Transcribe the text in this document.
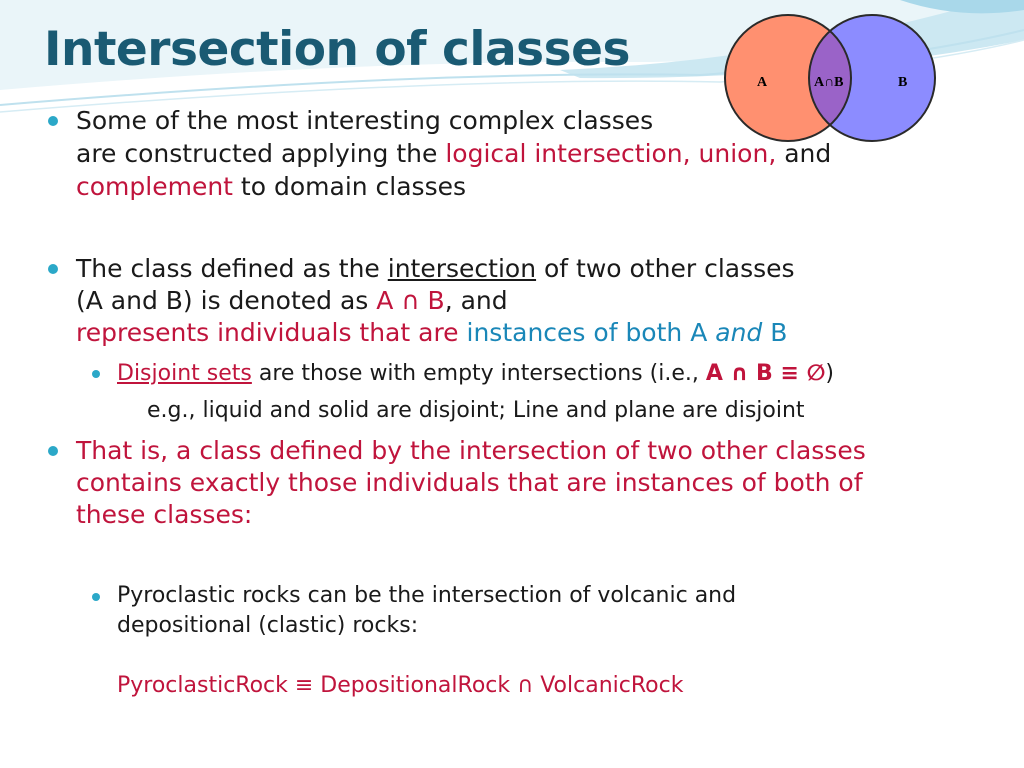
Intersection of classes
A	A∩B	B
Some of the most interesting complex classes
are constructed applying the logical intersection, union, and
complement to domain classes
The class defined as the intersection of two other classes
(A and B) is denoted as A ∩ B, and
represents individuals that are instances of both A and B
Disjoint sets are those with empty intersections (i.e., A ∩ B ≡ ∅)
e.g., liquid and solid are disjoint; Line and plane are disjoint
That is, a class defined by the intersection of two other classes
contains exactly those individuals that are instances of both of
these classes:
Pyroclastic rocks can be the intersection of volcanic and
depositional (clastic) rocks:
PyroclasticRock ≡ DepositionalRock ∩ VolcanicRock
